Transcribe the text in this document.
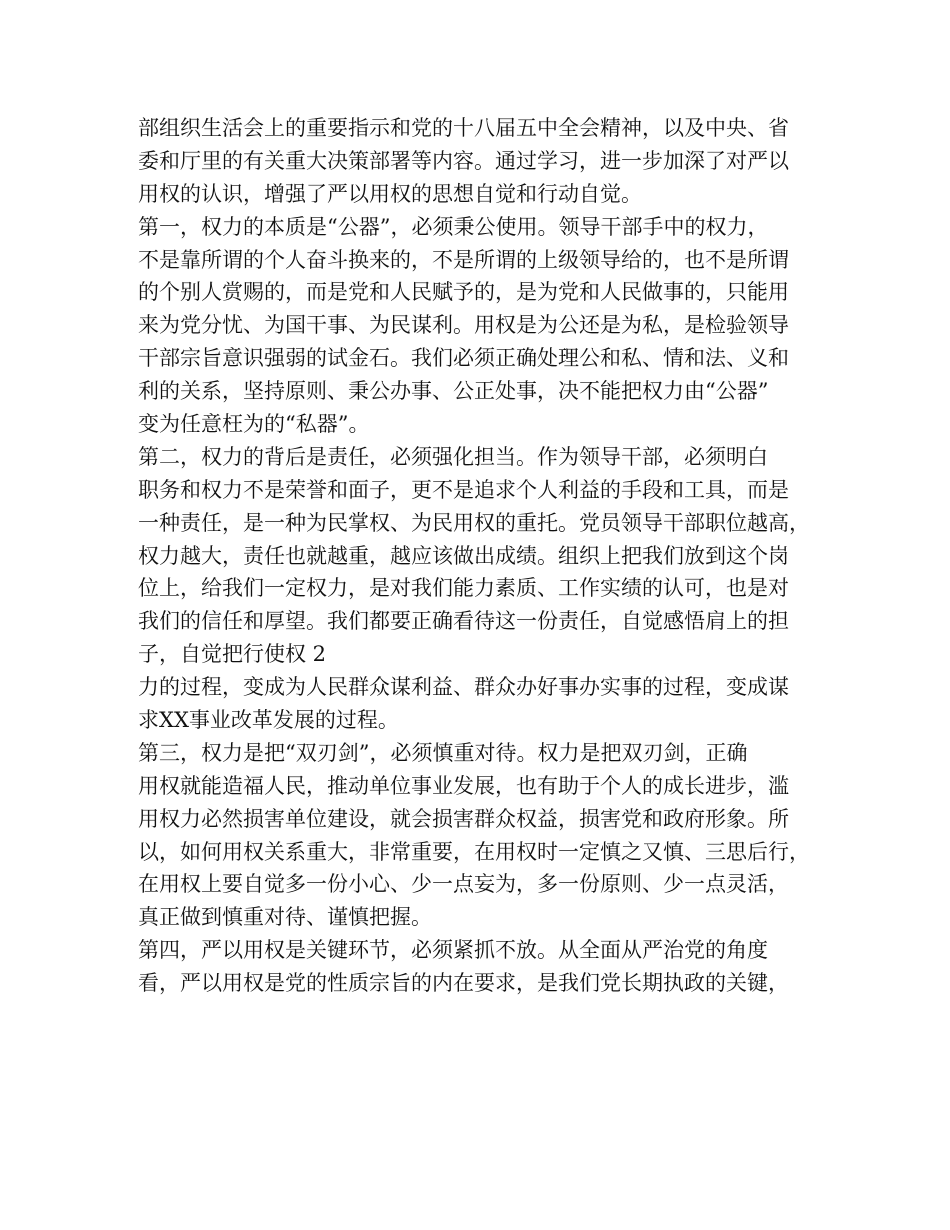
部组织生活会上的重要指示和党的十八届五中全会精神，以及中央、省

委和厅里的有关重大决策部署等内容。通过学习，进一步加深了对严以

用权的认识，增强了严以用权的思想自觉和行动自觉。

第一，权力的本质是“公器”，必须秉公使用。领导干部手中的权力，

不是靠所谓的个人奋斗换来的，不是所谓的上级领导给的，也不是所谓

的个别人赏赐的，而是党和人民赋予的，是为党和人民做事的，只能用

来为党分忧、为国干事、为民谋利。用权是为公还是为私，是检验领导

干部宗旨意识强弱的试金石。我们必须正确处理公和私、情和法、义和

利的关系，坚持原则、秉公办事、公正处事，决不能把权力由“公器”

变为任意枉为的“私器”。

第二，权力的背后是责任，必须强化担当。作为领导干部，必须明白

职务和权力不是荣誉和面子，更不是追求个人利益的手段和工具，而是

一种责任，是一种为民掌权、为民用权的重托。党员领导干部职位越高，

权力越大，责任也就越重，越应该做出成绩。组织上把我们放到这个岗

位上，给我们一定权力，是对我们能力素质、工作实绩的认可，也是对

我们的信任和厚望。我们都要正确看待这一份责任，自觉感悟肩上的担

子，自觉把行使权 2

力的过程，变成为人民群众谋利益、群众办好事办实事的过程，变成谋

求XX事业改革发展的过程。

第三，权力是把“双刃剑”，必须慎重对待。权力是把双刃剑，正确

用权就能造福人民，推动单位事业发展，也有助于个人的成长进步，滥

用权力必然损害单位建设，就会损害群众权益，损害党和政府形象。所

以，如何用权关系重大，非常重要，在用权时一定慎之又慎、三思后行，

在用权上要自觉多一份小心、少一点妄为，多一份原则、少一点灵活，

真正做到慎重对待、谨慎把握。

第四，严以用权是关键环节，必须紧抓不放。从全面从严治党的角度

看，严以用权是党的性质宗旨的内在要求，是我们党长期执政的关键，
